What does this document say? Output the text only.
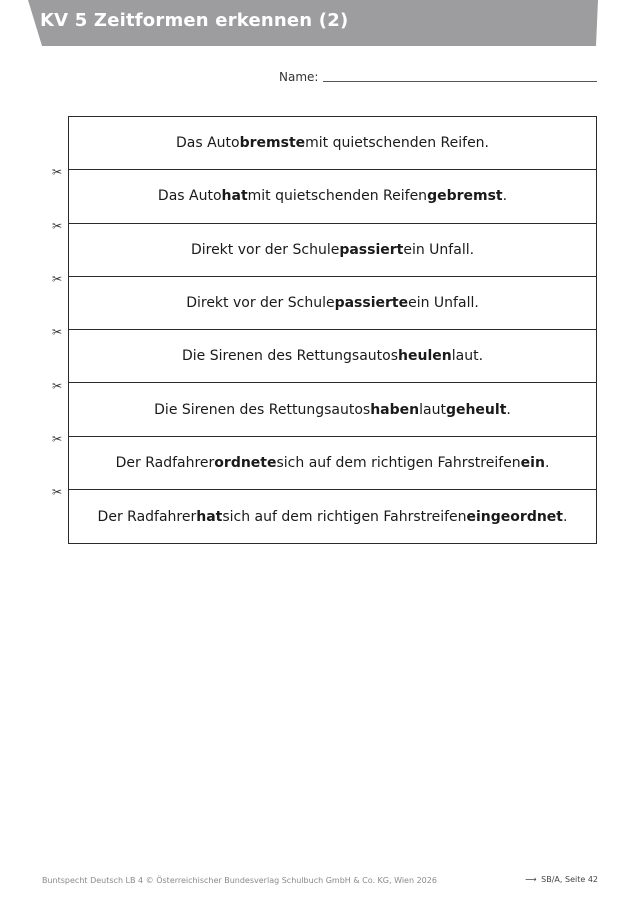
KV 5 Zeitformen erkennen (2)
Name:
Das Auto bremste mit quietschenden Reifen.
Das Auto hat mit quietschenden Reifen gebremst .
Direkt vor der Schule passiert ein Unfall.
Direkt vor der Schule passierte ein Unfall.
Die Sirenen des Rettungsautos heulen laut.
Die Sirenen des Rettungsautos haben laut geheult .
Der Radfahrer ordnete sich auf dem richtigen Fahrstreifen ein .
Der Radfahrer hat sich auf dem richtigen Fahrstreifen eingeordnet .
✂
✂
✂
✂
✂
✂
✂
Buntspecht Deutsch LB 4 © Österreichischer Bundesverlag Schulbuch GmbH & Co. KG, Wien 2026	⟶ SB/A, Seite 42
